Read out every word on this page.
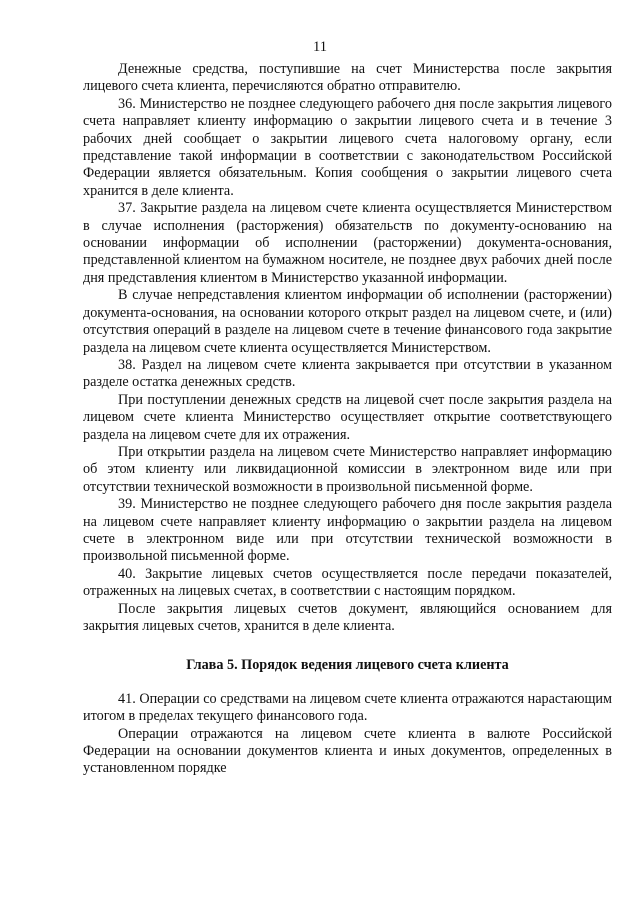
11

Денежные средства, поступившие на счет Министерства после закрытия лицевого счета клиента, перечисляются обратно отправителю.

36. Министерство не позднее следующего рабочего дня после закрытия лицевого счета направляет клиенту информацию о закрытии лицевого счета и в течение 3 рабочих дней сообщает о закрытии лицевого счета налоговому органу, если представление такой информации в соответствии с законодательством Российской Федерации является обязательным. Копия сообщения о закрытии лицевого счета хранится в деле клиента.

37. Закрытие раздела на лицевом счете клиента осуществляется Министерством в случае исполнения (расторжения) обязательств по документу-основанию на основании информации об исполнении (расторжении) документа-основания, представленной клиентом на бумажном носителе, не позднее двух рабочих дней после дня представления клиентом в Министерство указанной информации.

В случае непредставления клиентом информации об исполнении (расторжении) документа-основания, на основании которого открыт раздел на лицевом счете, и (или) отсутствия операций в разделе на лицевом счете в течение финансового года закрытие раздела на лицевом счете клиента осуществляется Министерством.

38. Раздел на лицевом счете клиента закрывается при отсутствии в указанном разделе остатка денежных средств.

При поступлении денежных средств на лицевой счет после закрытия раздела на лицевом счете клиента Министерство осуществляет открытие соответствующего раздела на лицевом счете для их отражения.

При открытии раздела на лицевом счете Министерство направляет информацию об этом клиенту или ликвидационной комиссии в электронном виде или при отсутствии технической возможности в произвольной письменной форме.

39. Министерство не позднее следующего рабочего дня после закрытия раздела на лицевом счете направляет клиенту информацию о закрытии раздела на лицевом счете в электронном виде или при отсутствии технической возможности в произвольной письменной форме.

40. Закрытие лицевых счетов осуществляется после передачи показателей, отраженных на лицевых счетах, в соответствии с настоящим порядком.

После закрытия лицевых счетов документ, являющийся основанием для закрытия лицевых счетов, хранится в деле клиента.

Глава 5. Порядок ведения лицевого счета клиента

41. Операции со средствами на лицевом счете клиента отражаются нарастающим итогом в пределах текущего финансового года.

Операции отражаются на лицевом счете клиента в валюте Российской Федерации на основании документов клиента и иных документов, определенных в установленном порядке
